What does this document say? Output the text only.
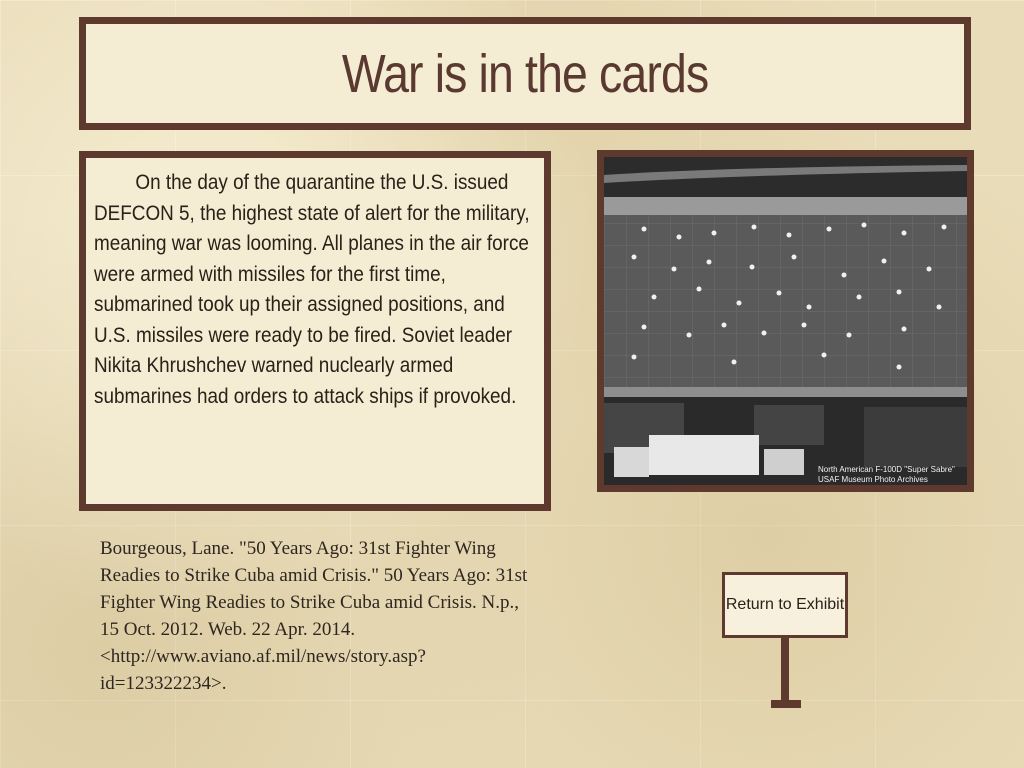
War is in the cards
On the day of the quarantine the U.S. issued DEFCON 5, the highest state of alert for the military, meaning war was looming. All planes in the air force were armed with missiles for the first time, submarined took up their assigned positions, and U.S. missiles were ready to be fired. Soviet leader Nikita Khrushchev warned nuclearly armed submarines had orders to attack ships if provoked.
North American F-100D "Super Sabre"
USAF Museum Photo Archives
Bourgeous, Lane. "50 Years Ago: 31st Fighter Wing Readies to Strike Cuba amid Crisis." 50 Years Ago: 31st Fighter Wing Readies to Strike Cuba amid Crisis. N.p., 15 Oct. 2012. Web. 22 Apr. 2014. <http://www.aviano.af.mil/news/story.asp?id=123322234>.
Return to Exhibit
